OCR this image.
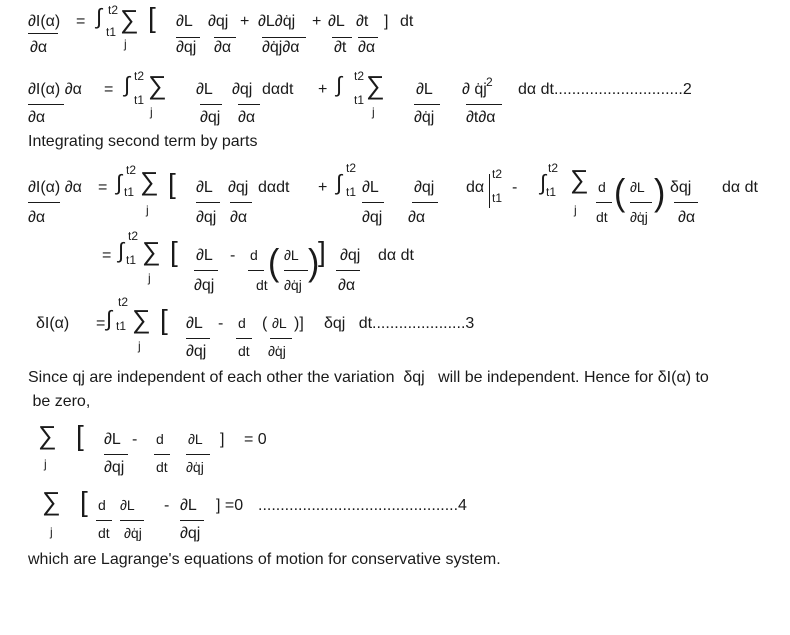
∂I(α)
∂α
= ∫ t2
t1 ∑
j
[ ∂L
∂qj
∂qj
∂α
+ ∂L∂q̇j
∂q̇j∂α
+ ∂L
∂t
∂t
∂α
] dt
∂I(α) ∂α
∂α
= ∫ t2
t1 ∑
j
∂L
∂qj
∂qj
∂α
dαdt + ∫ t2
t1 ∑
j
∂L
∂q̇j
∂ q̇j 2
∂t∂α
dα dt.............................2
Integrating second term by parts
∂I(α) ∂α
∂α
= ∫ t2
t1 ∑
j
[ ∂L
∂qj
∂qj
∂α
dαdt + ∫
t2
t1 ∂L
∂qj
∂qj
∂α
dα
t2
t1
- ∫
t2
t1 ∑
j
d
dt
( ∂L
∂q̇j
) δqj
∂α
dα dt
= ∫
t2
t1 ∑
j
[ ∂L
∂qj
- d
dt
( ∂L
∂q̇j
)
] ∂qj
∂α
dα dt
δI(α) = ∫
t2
t1 ∑
j
[ ∂L
∂qj
- d
dt
( ∂L
∂q̇j
)] δqj   dt.....................3
Since qj are independent of each other the variation  δqj   will be independent. Hence for δI(α) to
be zero,
∑
j
[ ∂L
∂qj
- d
dt
∂L
∂q̇j
] = 0
∑
j
[ d
dt
∂L
∂q̇j
- ∂L
∂qj
] =0 .............................................4
which are Lagrange's equations of motion for conservative system.
